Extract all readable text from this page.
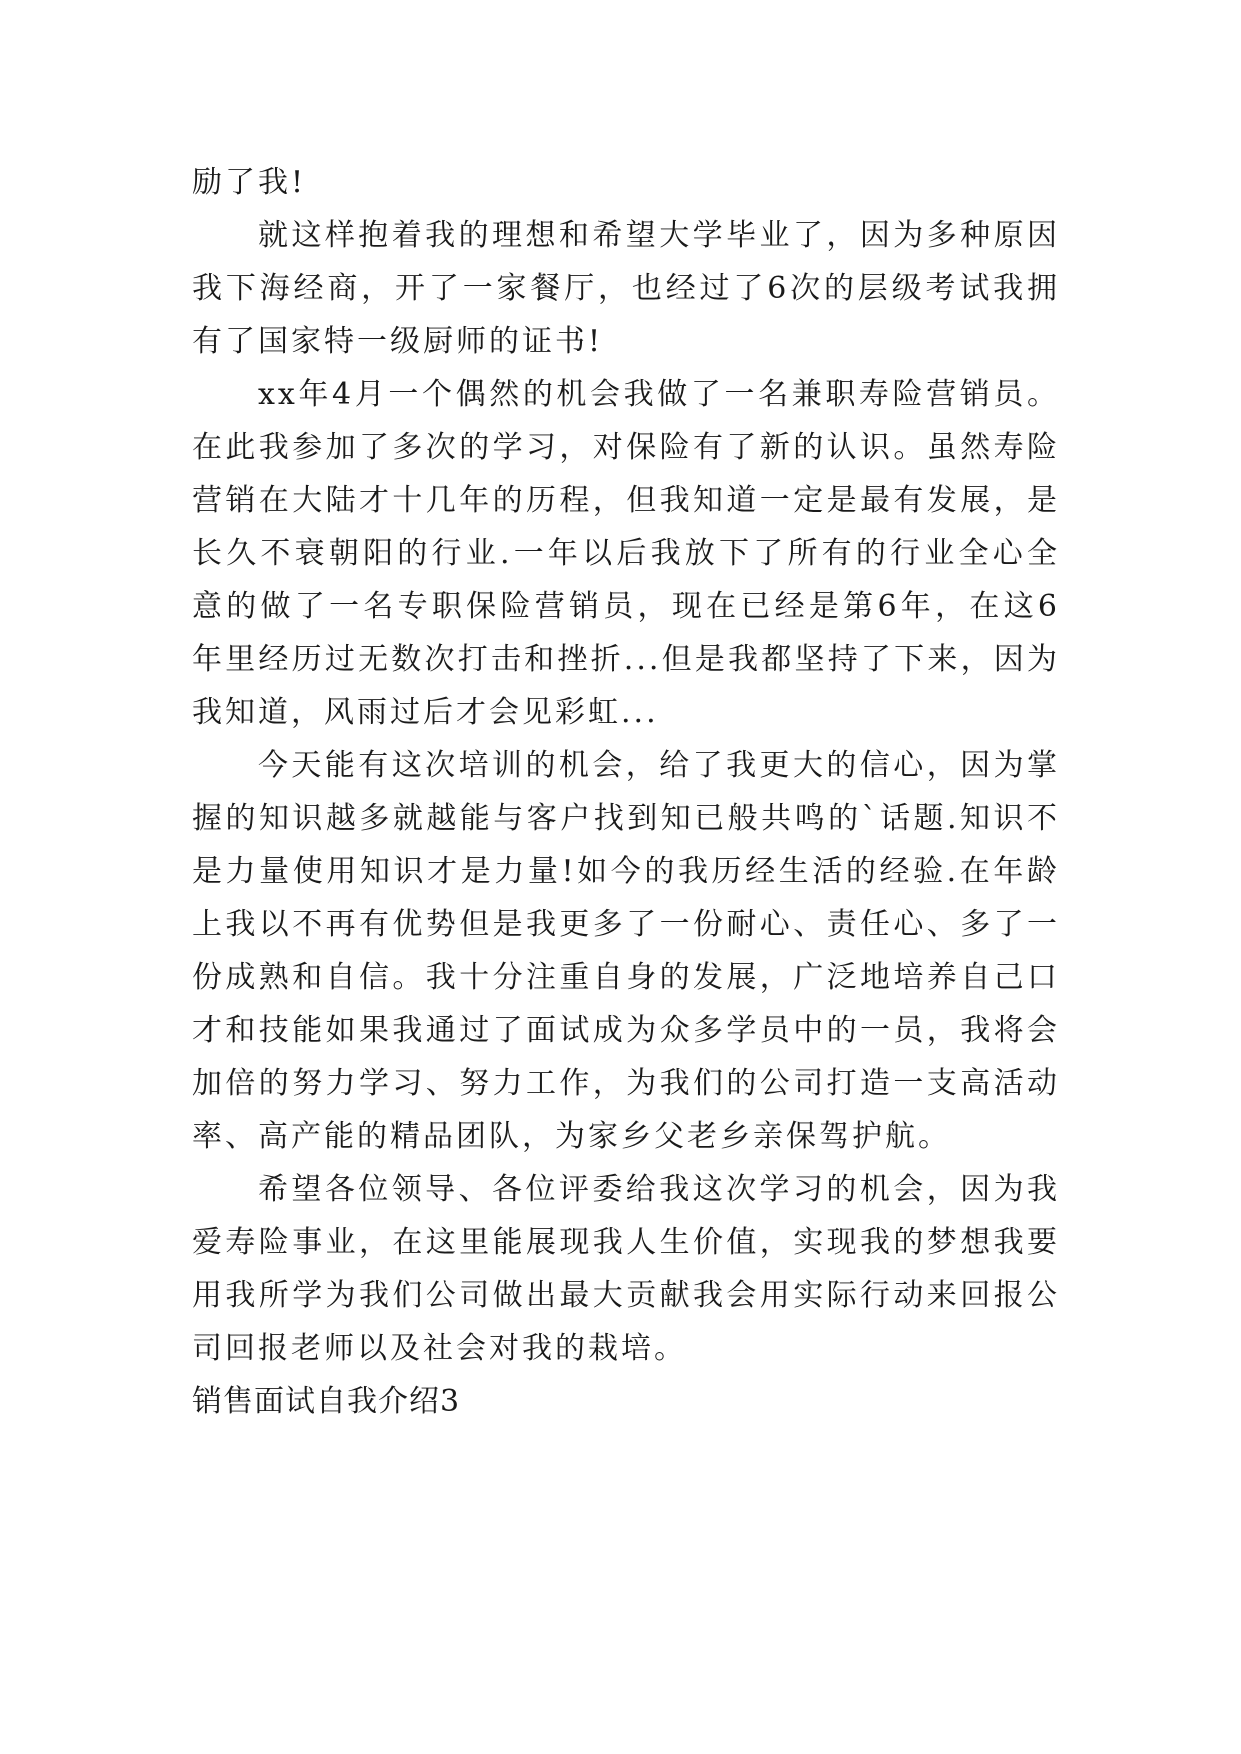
励了我!

就这样抱着我的理想和希望大学毕业了，因为多种原因我下海经商，开了一家餐厅，也经过了6次的层级考试我拥有了国家特一级厨师的证书!

xx年4月一个偶然的机会我做了一名兼职寿险营销员。在此我参加了多次的学习，对保险有了新的认识。虽然寿险营销在大陆才十几年的历程，但我知道一定是最有发展，是长久不衰朝阳的行业.一年以后我放下了所有的行业全心全意的做了一名专职保险营销员，现在已经是第6年，在这6年里经历过无数次打击和挫折...但是我都坚持了下来，因为我知道，风雨过后才会见彩虹...

今天能有这次培训的机会，给了我更大的信心，因为掌握的知识越多就越能与客户找到知已般共鸣的`话题.知识不是力量使用知识才是力量!如今的我历经生活的经验.在年龄上我以不再有优势但是我更多了一份耐心、责任心、多了一份成熟和自信。我十分注重自身的发展，广泛地培养自己口才和技能如果我通过了面试成为众多学员中的一员，我将会加倍的努力学习、努力工作，为我们的公司打造一支高活动率、高产能的精品团队，为家乡父老乡亲保驾护航。

希望各位领导、各位评委给我这次学习的机会，因为我爱寿险事业，在这里能展现我人生价值，实现我的梦想我要用我所学为我们公司做出最大贡献我会用实际行动来回报公司回报老师以及社会对我的栽培。

销售面试自我介绍3
